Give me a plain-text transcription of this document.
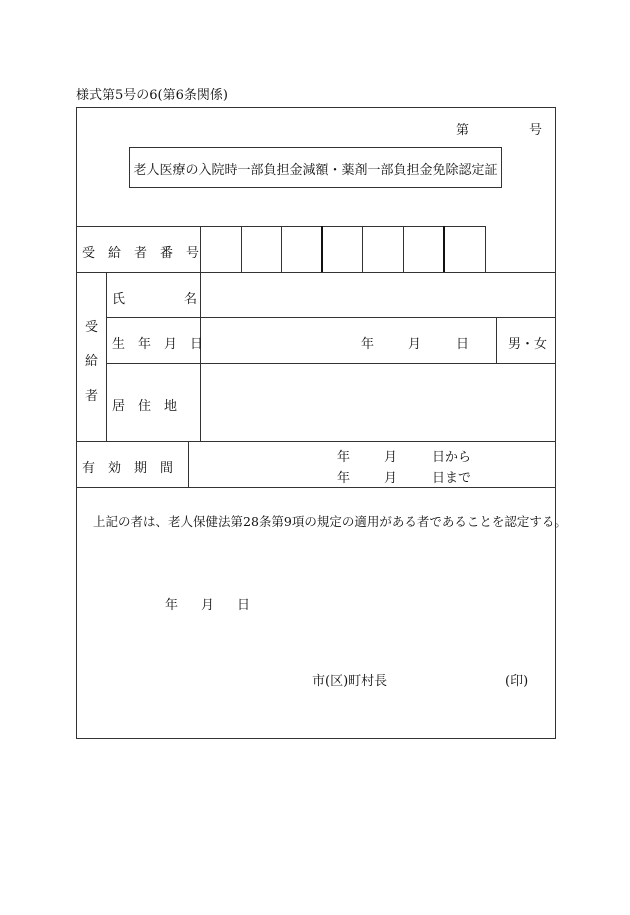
様式第5号の6(第6条関係)
第	号
老人医療の入院時一部負担金減額・薬剤一部負担金免除認定証
受　給　者　番　号
受
給
者
氏	名
生　年　月　日	年	月	日	男・女
居　住　地
有　効　期　間
年	月	日から
年	月	日まで
上記の者は、老人保健法第28条第9項の規定の適用がある者であることを認定する。
年 月 日
市(区)町村長	(印)
